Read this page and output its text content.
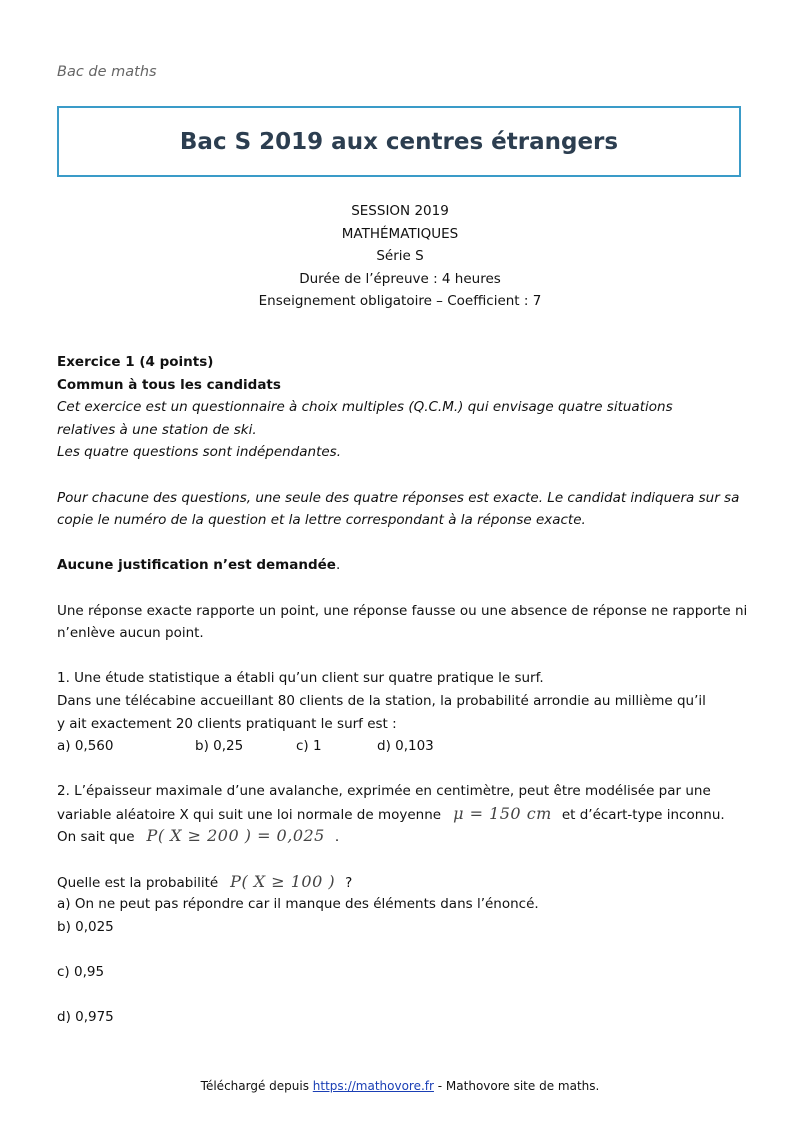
Bac de maths
Bac S 2019 aux centres étrangers
SESSION 2019
MATHÉMATIQUES
Série S
Durée de l’épreuve : 4 heures
Enseignement obligatoire – Coefficient : 7
Exercice 1 (4 points)
Commun à tous les candidats
Cet exercice est un questionnaire à choix multiples (Q.C.M.) qui envisage quatre situations
relatives à une station de ski.
Les quatre questions sont indépendantes.
Pour chacune des questions, une seule des quatre réponses est exacte. Le candidat indiquera sur sa
copie le numéro de la question et la lettre correspondant à la réponse exacte.
Aucune justification n’est demandée.
Une réponse exacte rapporte un point, une réponse fausse ou une absence de réponse ne rapporte ni
n’enlève aucun point.
1. Une étude statistique a établi qu’un client sur quatre pratique le surf.
Dans une télécabine accueillant 80 clients de la station, la probabilité arrondie au millième qu’il
y ait exactement 20 clients pratiquant le surf est :
a) 0,560	b) 0,25	c) 1	d) 0,103
2. L’épaisseur maximale d’une avalanche, exprimée en centimètre, peut être modélisée par une
variable aléatoire X qui suit une loi normale de moyenne μ = 150 cm et d’écart-type inconnu.
On sait que P( X ≥ 200 ) = 0,025 .
Quelle est la probabilité P( X ≥ 100 ) ?
a) On ne peut pas répondre car il manque des éléments dans l’énoncé.
b) 0,025
c) 0,95
d) 0,975
Téléchargé depuis https://mathovore.fr - Mathovore site de maths.
